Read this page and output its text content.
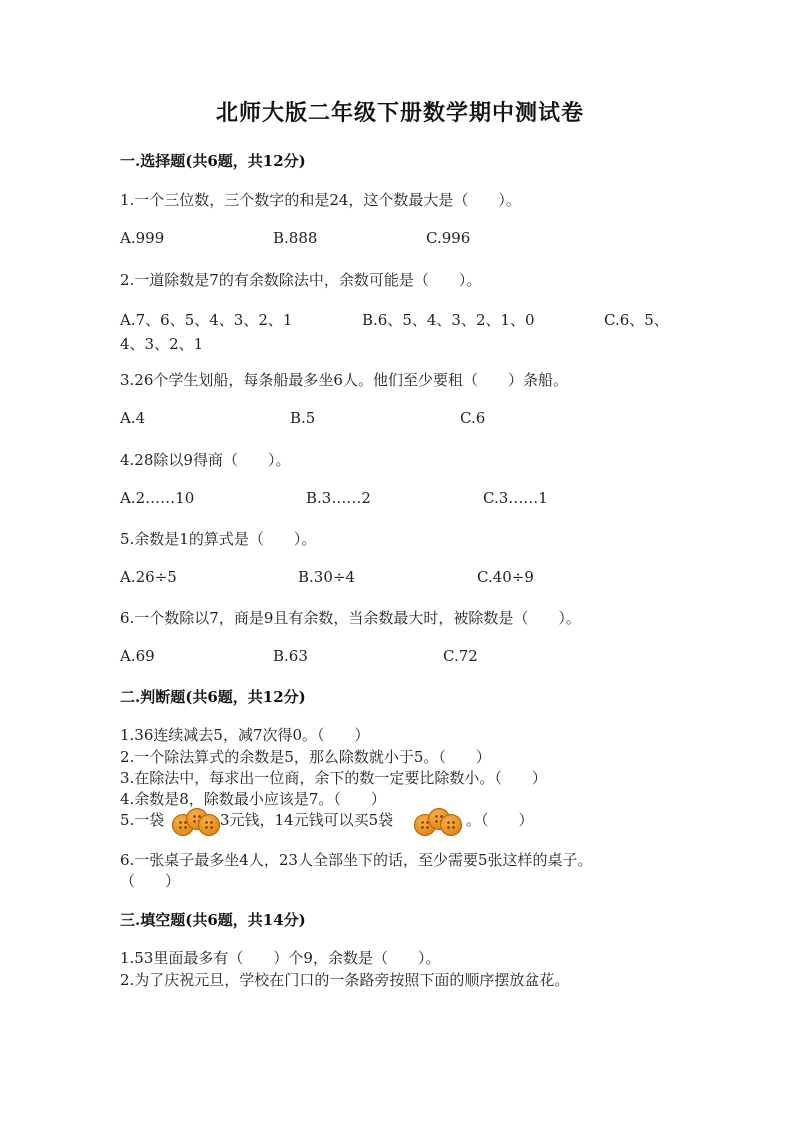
北师大版二年级下册数学期中测试卷
一.选择题(共6题，共12分)
1.一个三位数，三个数字的和是24，这个数最大是（　　）。
A.999	B.888	C.996
2.一道除数是7的有余数除法中，余数可能是（　　）。
A.7、6、5、4、3、2、1	B.6、5、4、3、2、1、0	C.6、5、
4、3、2、1
3.26个学生划船，每条船最多坐6人。他们至少要租（　　）条船。
A.4	B.5	C.6
4.28除以9得商（　　）。
A.2……10	B.3……2	C.3……1
5.余数是1的算式是（　　）。
A.26÷5	B.30÷4	C.40÷9
6.一个数除以7，商是9且有余数，当余数最大时，被除数是（　　）。
A.69	B.63	C.72
二.判断题(共6题，共12分)
1.36连续减去5，减7次得0。（　　）
2.一个除法算式的余数是5，那么除数就小于5。（　　）
3.在除法中，每求出一位商，余下的数一定要比除数小。（　　）
4.余数是8，除数最小应该是7。（　　）
5.一袋	3元钱，14元钱可以买5袋	。（　　）
6.一张桌子最多坐4人，23人全部坐下的话，至少需要5张这样的桌子。
（　　）
三.填空题(共6题，共14分)
1.53里面最多有（　　）个9，余数是（　　）。
2.为了庆祝元旦，学校在门口的一条路旁按照下面的顺序摆放盆花。
